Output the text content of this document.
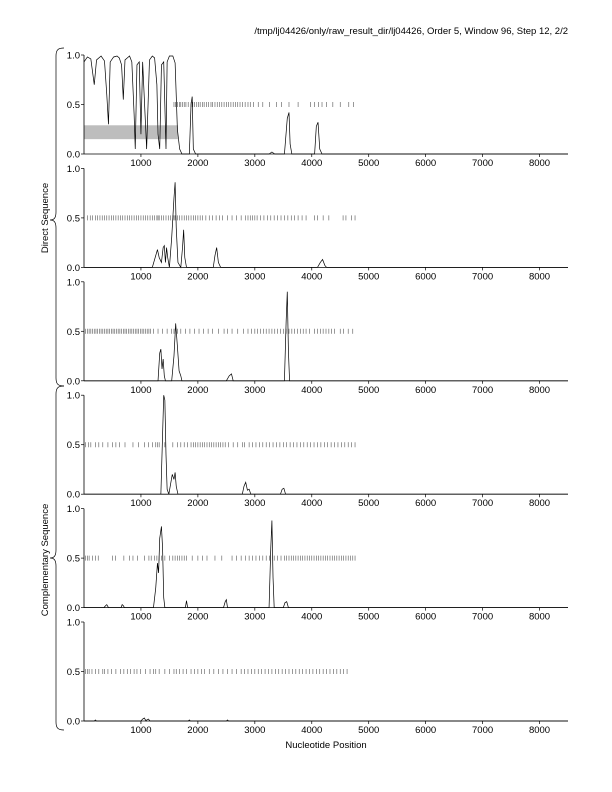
/tmp/lj04426/only/raw_result_dir/lj04426, Order 5, Window 96, Step 12, 2/2
0.0
0.5
1.0
1000	2000	3000	4000	5000	6000	7000	8000
0.0
0.5
1.0
1000	2000	3000	4000	5000	6000	7000	8000
0.0
0.5
1.0
1000	2000	3000	4000	5000	6000	7000	8000
0.0
0.5
1.0
1000	2000	3000	4000	5000	6000	7000	8000
0.0
0.5
1.0
1000	2000	3000	4000	5000	6000	7000	8000
0.0
0.5
1.0
1000	2000	3000	4000	5000	6000	7000	8000
Direct Sequence
Complementary Sequence
Nucleotide Position
